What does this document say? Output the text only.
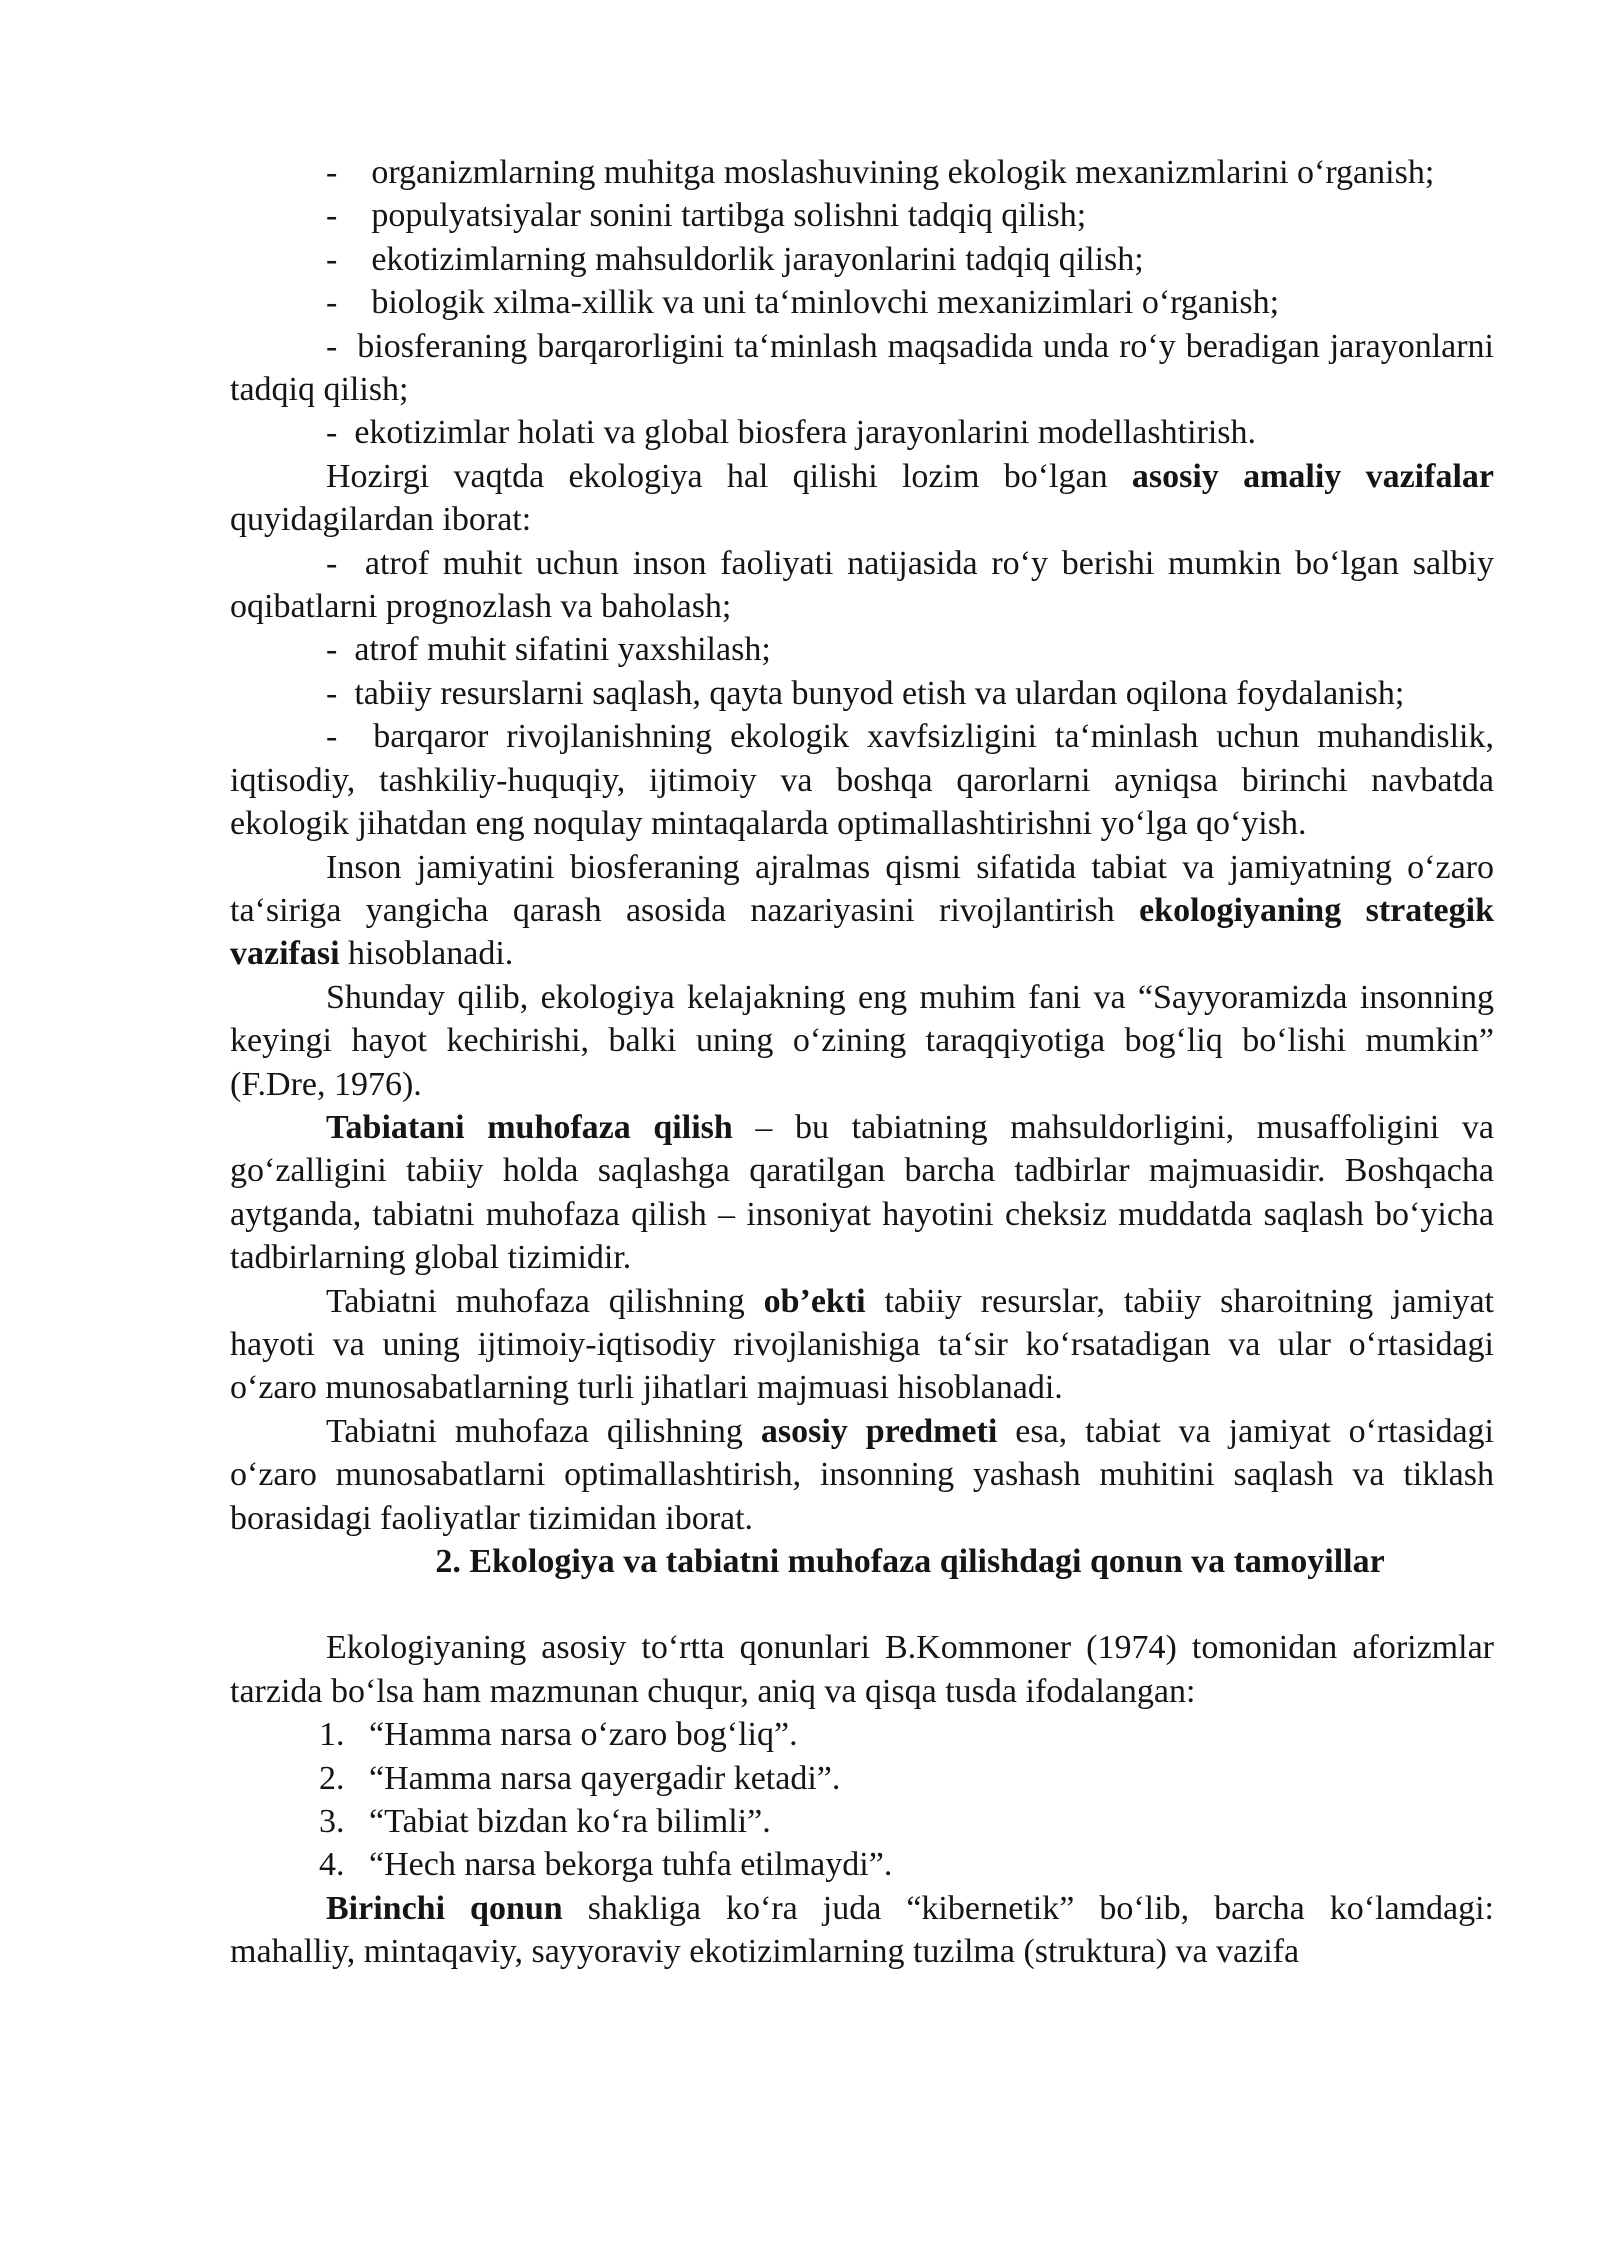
-    organizmlarning muhitga moslashuvining ekologik mexanizmlarini o‘rganish;

-    populyatsiyalar sonini tartibga solishni tadqiq qilish;

-    ekotizimlarning mahsuldorlik jarayonlarini tadqiq qilish;

-    biologik xilma-xillik va uni ta‘minlovchi mexanizimlari o‘rganish;

-  biosferaning barqarorligini ta‘minlash maqsadida unda ro‘y beradigan jarayonlarni tadqiq qilish;

-  ekotizimlar holati va global biosfera jarayonlarini modellashtirish.

Hozirgi vaqtda ekologiya hal qilishi lozim bo‘lgan asosiy amaliy vazifalar quyidagilardan iborat:

-  atrof muhit uchun inson faoliyati natijasida ro‘y berishi mumkin bo‘lgan salbiy oqibatlarni prognozlash va baholash;

-  atrof muhit sifatini yaxshilash;

-  tabiiy resurslarni saqlash, qayta bunyod etish va ulardan oqilona foydalanish;

-  barqaror rivojlanishning ekologik xavfsizligini ta‘minlash uchun muhandislik, iqtisodiy, tashkiliy-huquqiy, ijtimoiy va boshqa qarorlarni ayniqsa birinchi navbatda ekologik jihatdan eng noqulay mintaqalarda optimallashtirishni yo‘lga qo‘yish.

Inson jamiyatini biosferaning ajralmas qismi sifatida tabiat va jamiyatning o‘zaro ta‘siriga yangicha qarash asosida nazariyasini rivojlantirish ekologiyaning strategik vazifasi hisoblanadi.

Shunday qilib, ekologiya kelajakning eng muhim fani va “Sayyoramizda insonning keyingi hayot kechirishi, balki uning o‘zining taraqqiyotiga bog‘liq bo‘lishi mumkin” (F.Dre, 1976).

Tabiatani muhofaza qilish – bu tabiatning mahsuldorligini, musaffoligini va go‘zalligini tabiiy holda saqlashga qaratilgan barcha tadbirlar majmuasidir. Boshqacha aytganda, tabiatni muhofaza qilish – insoniyat hayotini cheksiz muddatda saqlash bo‘yicha tadbirlarning global tizimidir.

Tabiatni muhofaza qilishning ob’ekti tabiiy resurslar, tabiiy sharoitning jamiyat hayoti va uning ijtimoiy-iqtisodiy rivojlanishiga ta‘sir ko‘rsatadigan va ular o‘rtasidagi o‘zaro munosabatlarning turli jihatlari majmuasi hisoblanadi.

Tabiatni muhofaza qilishning asosiy predmeti esa, tabiat va jamiyat o‘rtasidagi o‘zaro munosabatlarni optimallashtirish, insonning yashash muhitini saqlash va tiklash borasidagi faoliyatlar tizimidan iborat.

2. Ekologiya va tabiatni muhofaza qilishdagi qonun va tamoyillar

Ekologiyaning asosiy to‘rtta qonunlari B.Kommoner (1974) tomonidan aforizmlar tarzida bo‘lsa ham mazmunan chuqur, aniq va qisqa tusda ifodalangan:

1. “Hamma narsa o‘zaro bog‘liq”.
2. “Hamma narsa qayergadir ketadi”.
3. “Tabiat bizdan ko‘ra bilimli”.
4. “Hech narsa bekorga tuhfa etilmaydi”.

Birinchi qonun shakliga ko‘ra juda “kibernetik” bo‘lib, barcha ko‘lamdagi: mahalliy, mintaqaviy, sayyoraviy ekotizimlarning tuzilma (struktura) va vazifa
